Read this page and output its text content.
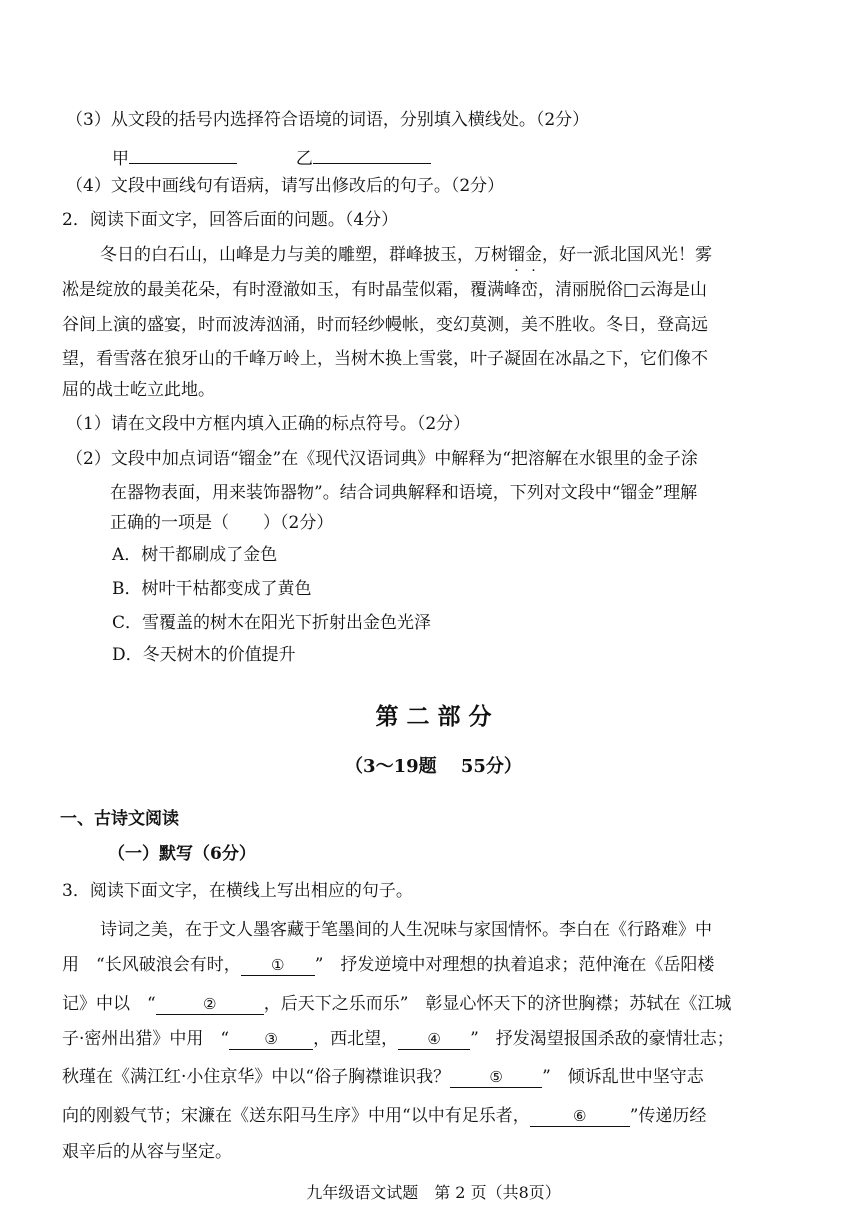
（3）从文段的括号内选择符合语境的词语，分别填入横线处。（2分）
甲	乙
（4）文段中画线句有语病，请写出修改后的句子。（2分）
2．阅读下面文字，回答后面的问题。（4分）
冬日的白石山，山峰是力与美的雕塑，群峰披玉，万树镏金，好一派北国风光！雾
凇是绽放的最美花朵，有时澄澈如玉，有时晶莹似霜，覆满峰峦，清丽脱俗□云海是山
谷间上演的盛宴，时而波涛汹涌，时而轻纱幔帐，变幻莫测，美不胜收。冬日，登高远
望，看雪落在狼牙山的千峰万岭上，当树木换上雪裳，叶子凝固在冰晶之下，它们像不
屈的战士屹立此地。
（1）请在文段中方框内填入正确的标点符号。（2分）
（2）文段中加点词语“镏金”在《现代汉语词典》中解释为“把溶解在水银里的金子涂
在器物表面，用来装饰器物”。结合词典解释和语境，下列对文段中“镏金”理解
正确的一项是（　　）（2分）
A．树干都刷成了金色
B．树叶干枯都变成了黄色
C．雪覆盖的树木在阳光下折射出金色光泽
D．冬天树木的价值提升
第 二 部 分
（3～19题　 55分）
一、古诗文阅读
（一）默写（6分）
3．阅读下面文字，在横线上写出相应的句子。
诗词之美，在于文人墨客藏于笔墨间的人生况味与家国情怀。李白在《行路难》中
用　“长风破浪会有时， ① ”　抒发逆境中对理想的执着追求；范仲淹在《岳阳楼
记》中以　“	②	，后天下之乐而乐”　彰显心怀天下的济世胸襟；苏轼在《江城
子·密州出猎》中用　“ ③ ，西北望， ④ ”　抒发渴望报国杀敌的豪情壮志；
秋瑾在《满江红·小住京华》中以“俗子胸襟谁识我？	⑤ ”　倾诉乱世中坚守志
向的刚毅气节；宋濂在《送东阳马生序》中用“以中有足乐者，	⑥	”传递历经
艰辛后的从容与坚定。
九年级语文试题　第 2 页（共8页）
